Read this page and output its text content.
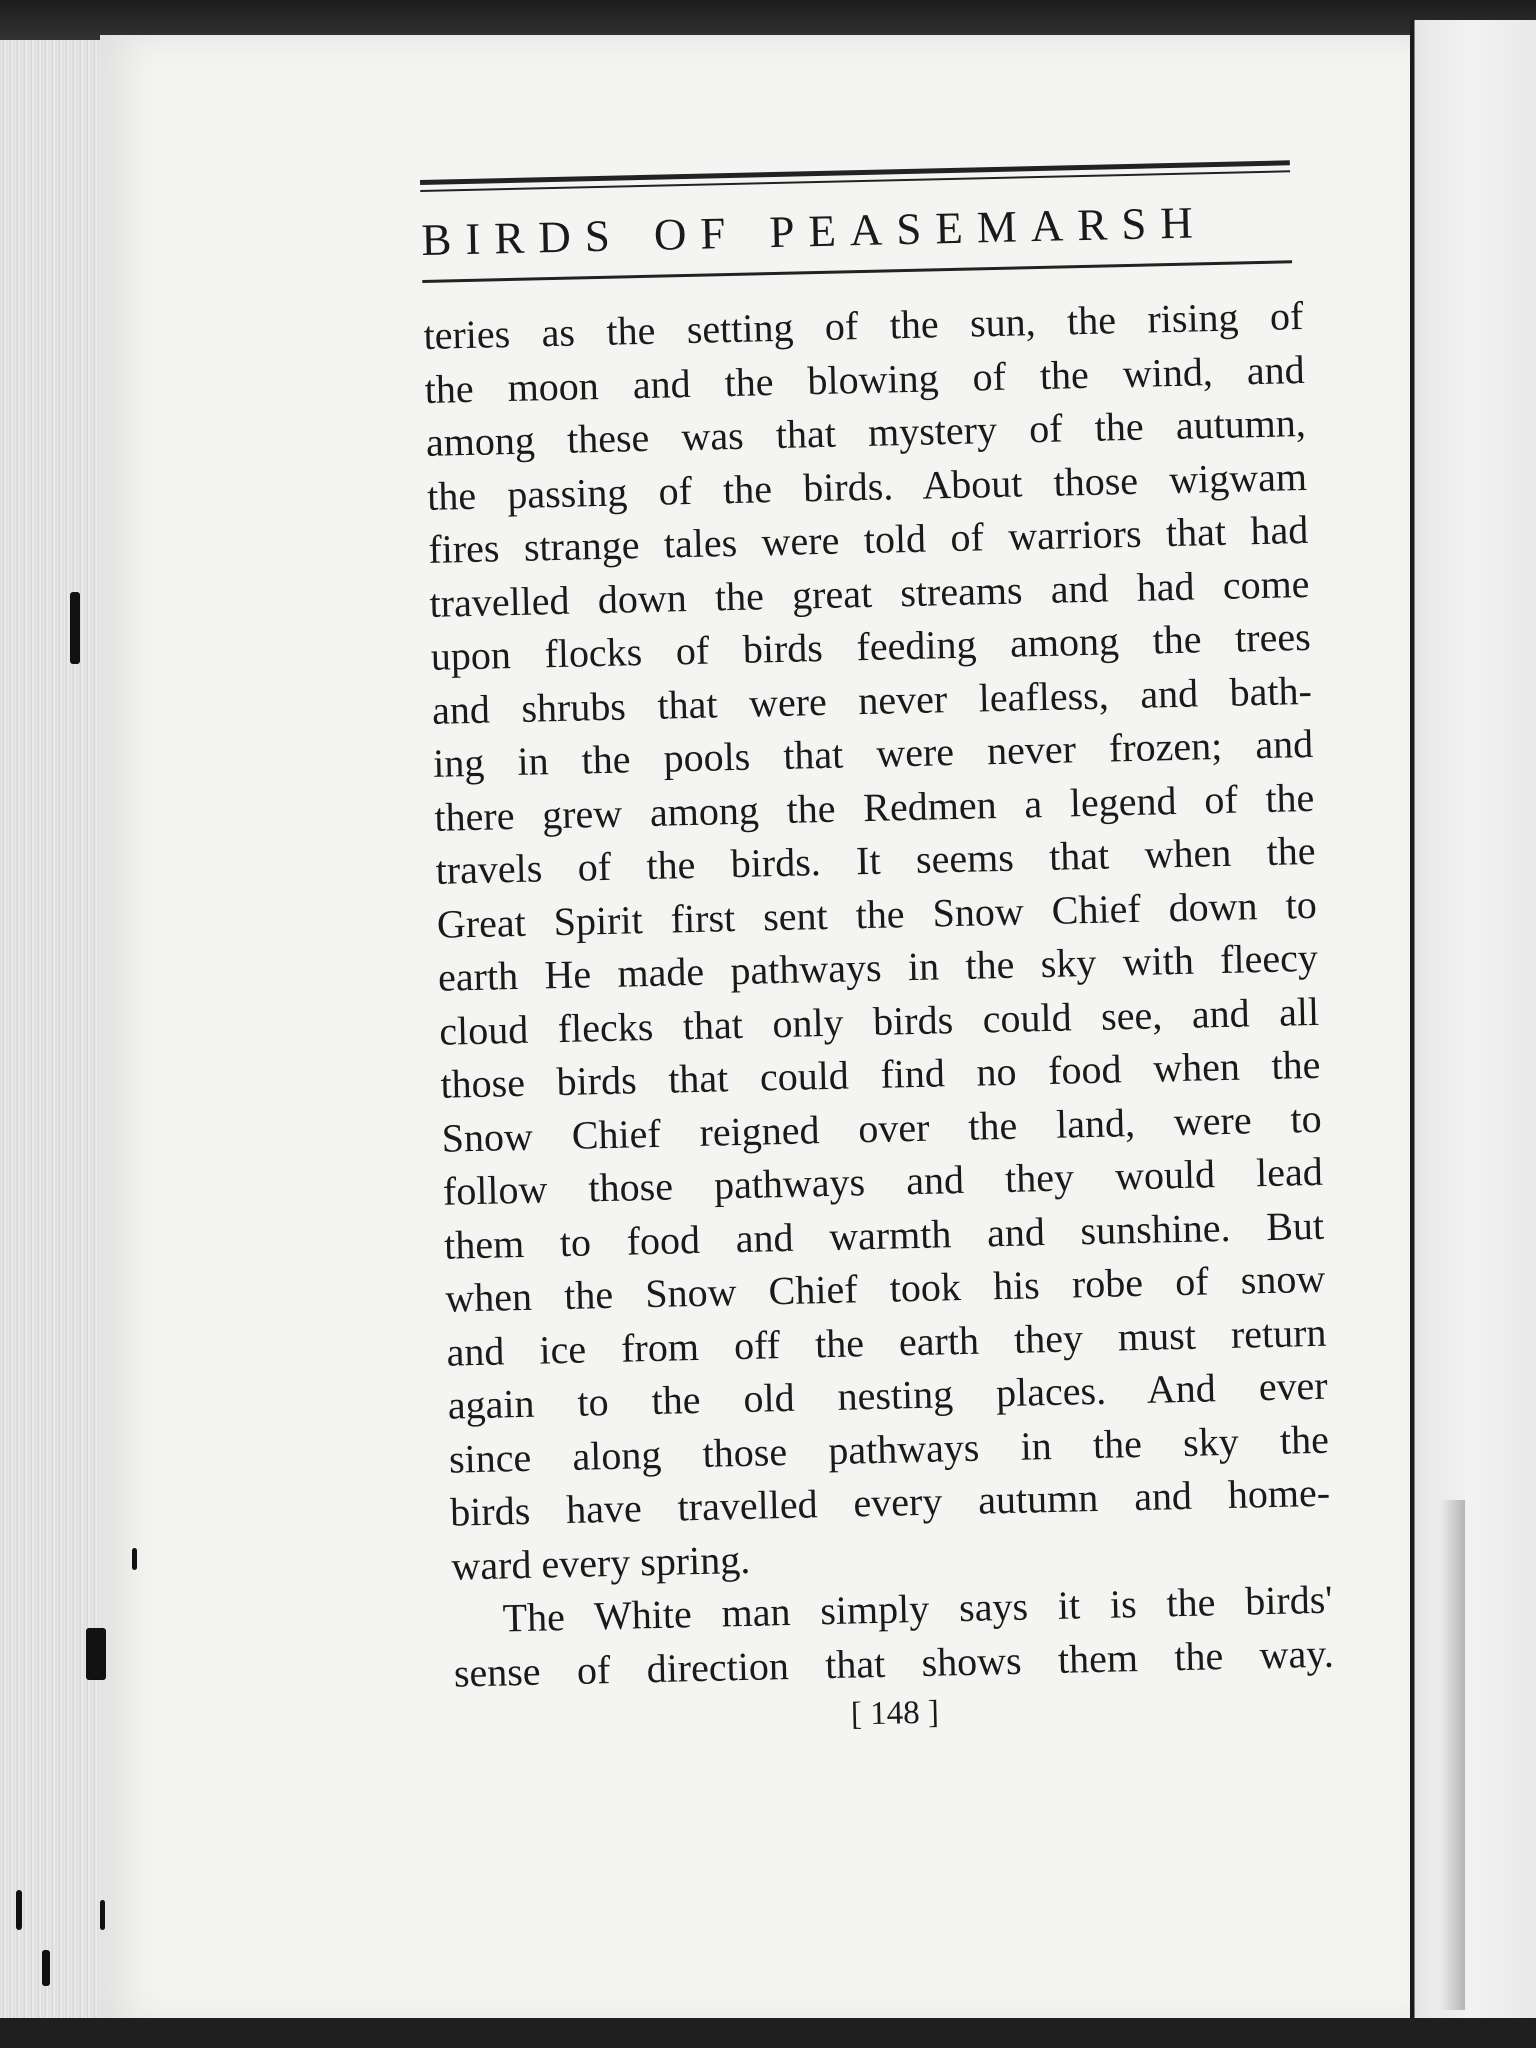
BIRDS OF PEASEMARSH
teries as the setting of the sun, the rising of
the moon and the blowing of the wind, and
among these was that mystery of the autumn,
the passing of the birds. About those wigwam
fires strange tales were told of warriors that had
travelled down the great streams and had come
upon flocks of birds feeding among the trees
and shrubs that were never leafless, and bath-
ing in the pools that were never frozen; and
there grew among the Redmen a legend of the
travels of the birds. It seems that when the
Great Spirit first sent the Snow Chief down to
earth He made pathways in the sky with fleecy
cloud flecks that only birds could see, and all
those birds that could find no food when the
Snow Chief reigned over the land, were to
follow those pathways and they would lead
them to food and warmth and sunshine. But
when the Snow Chief took his robe of snow
and ice from off the earth they must return
again to the old nesting places. And ever
since along those pathways in the sky the
birds have travelled every autumn and home-
ward every spring.
The White man simply says it is the birds'
sense of direction that shows them the way.
[ 148 ]
